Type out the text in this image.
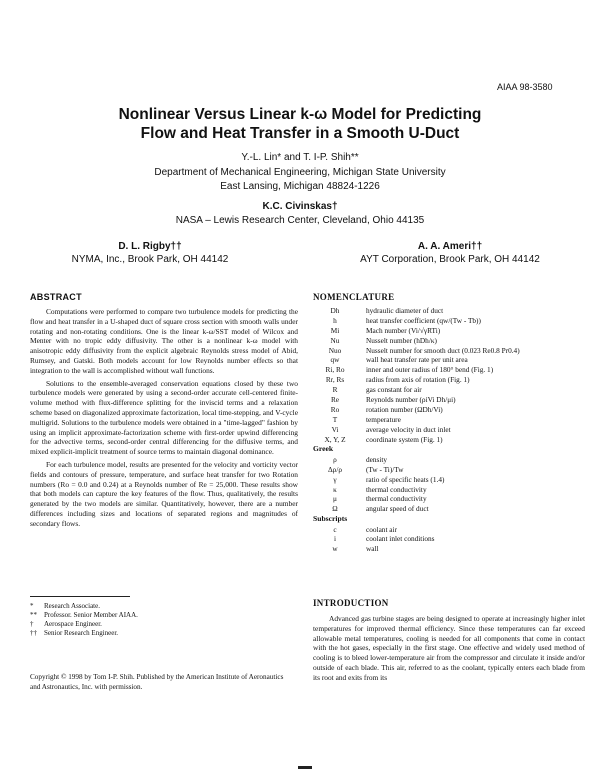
AIAA 98-3580
Nonlinear Versus Linear k-ω Model for Predicting
Flow and Heat Transfer in a Smooth U-Duct
Y.-L. Lin* and T. I-P. Shih**
Department of Mechanical Engineering, Michigan State University
East Lansing, Michigan 48824-1226
K.C. Civinskas†
NASA – Lewis Research Center, Cleveland, Ohio 44135
D. L. Rigby††
NYMA, Inc., Brook Park, OH 44142
A. A. Ameri††
AYT Corporation, Brook Park, OH 44142
ABSTRACT

Computations were performed to compare two turbulence models for predicting the flow and heat transfer in a U-shaped duct of square cross section with smooth walls under rotating and non-rotating conditions. One is the linear k-ω/SST model of Wilcox and Menter with no tropic eddy diffusivity. The other is a nonlinear k-ω model with anisotropic eddy diffusivity from the explicit algebraic Reynolds stress model of Abid, Rumsey, and Gatski. Both models account for low Reynolds number effects so that integration to the wall is accomplished without wall functions.

Solutions to the ensemble-averaged conservation equations closed by these two turbulence models were generated by using a second-order accurate cell-centered finite-volume method with flux-difference splitting for the inviscid terms and a relaxation scheme based on diagonalized approximate factorization, local time-stepping, and V-cycle multigrid. Solutions to the turbulence models were obtained in a "time-lagged" fashion by using an implicit approximate-factorization scheme with first-order upwind differencing for the advective terms, second-order central differencing for the diffusive terms, and mixed explicit-implicit treatment of source terms to maintain diagonal dominance.

For each turbulence model, results are presented for the velocity and vorticity vector fields and contours of pressure, temperature, and surface heat transfer for two Rotation numbers (Ro = 0.0 and 0.24) at a Reynolds number of Re = 25,000. These results show that both models can capture the key features of the flow. Thus, qualitatively, the results generated by the two models are similar. Quantitatively, however, there are a number differences including sizes and locations of separated regions and magnitudes of secondary flows.

* Research Associate.
** Professor. Senior Member AIAA.
† Aerospace Engineer.
†† Senior Research Engineer.
Copyright © 1998 by Tom I-P. Shih. Published by the American Institute of Aeronautics and Astronautics, Inc. with permission.
NOMENCLATURE
Dh	hydraulic diameter of duct
h	heat transfer coefficient (qw/(Tw - Tb))
Mi	Mach number (Vi/√γRTi)
Nu	Nusselt number (hDh/κ)
Nuo	Nusselt number for smooth duct (0.023 Re0.8 Pr0.4)
qw	wall heat transfer rate per unit area
Ri, Ro	inner and outer radius of 180° bend (Fig. 1)
Rr, Rs	radius from axis of rotation (Fig. 1)
R	gas constant for air
Re	Reynolds number (ρiVi Dh/μi)
Ro	rotation number (ΩDh/Vi)
T	temperature
Vi	average velocity in duct inlet
X, Y, Z	coordinate system (Fig. 1)
Greek
ρ	density
Δρ/ρ	(Tw - Ti)/Tw
γ	ratio of specific heats (1.4)
κ	thermal conductivity
μ	thermal conductivity
Ω	angular speed of duct
Subscripts
c	coolant air
i	coolant inlet conditions
w	wall
INTRODUCTION

Advanced gas turbine stages are being designed to operate at increasingly higher inlet temperatures for improved thermal efficiency. Since these temperatures can far exceed allowable metal temperatures, cooling is needed for all components that come in contact with the hot gases, especially in the first stage. One effective and widely used method of cooling is to bleed lower-temperature air from the compressor and circulate it inside and/or outside of each blade. This air, referred to as the coolant, typically enters each blade from its root and exits from its
